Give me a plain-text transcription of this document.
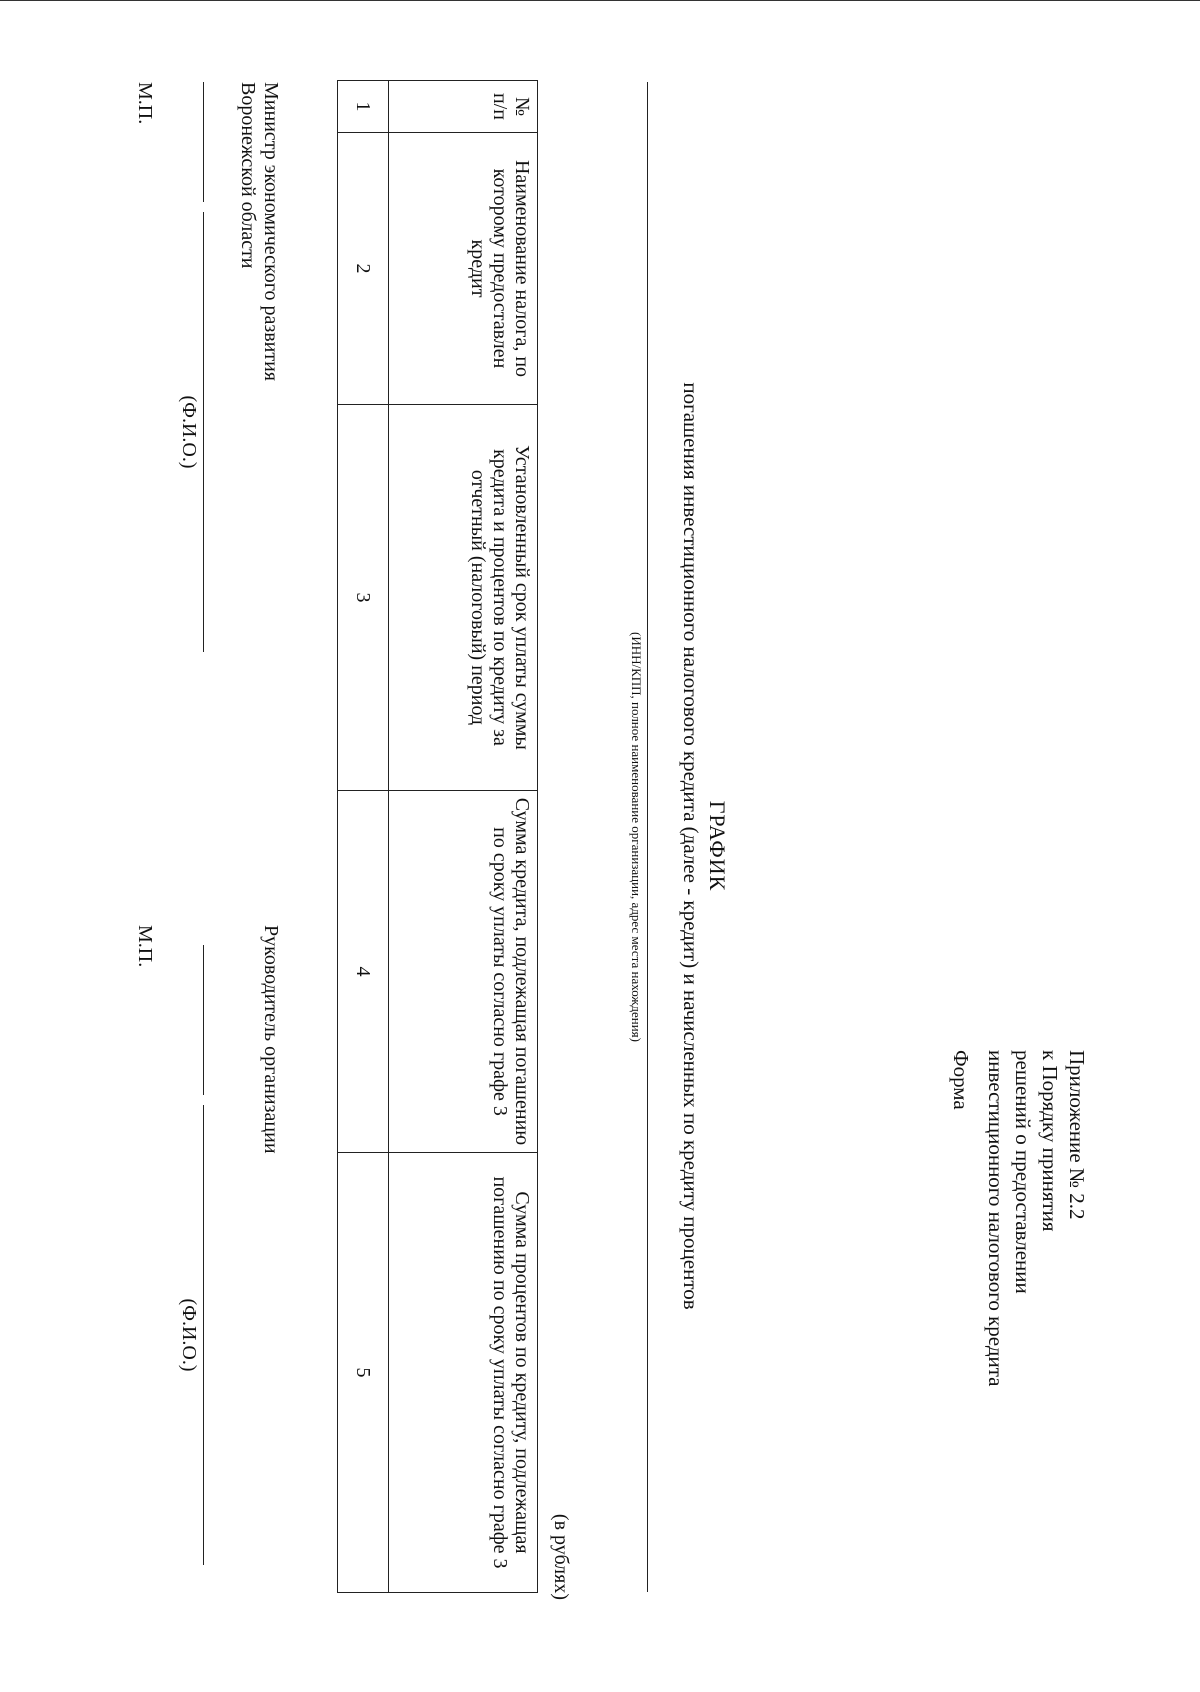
Приложение № 2.2
к Порядку принятия
решений о предоставлении
инвестиционного налогового кредита
Форма
ГРАФИК
погашения инвестиционного налогового кредита (далее - кредит) и начисленных по кредиту процентов
(ИНН/КПП, полное наименование организации, адрес места нахождения)
(в рублях)
№ п/п	Наименование налога, по которому предоставлен кредит	Установленный срок уплаты суммы кредита и процентов по кредиту за отчетный (налоговый) период	Сумма кредита, подлежащая погашению по сроку уплаты согласно графе 3	Сумма процентов по кредиту, подлежащая погашению по сроку уплаты согласно графе 3
1	2	3	4	5
Министр экономического развития
Воронежской области
Руководитель организации
(Ф.И.О.)
(Ф.И.О.)
М.П.
М.П.
